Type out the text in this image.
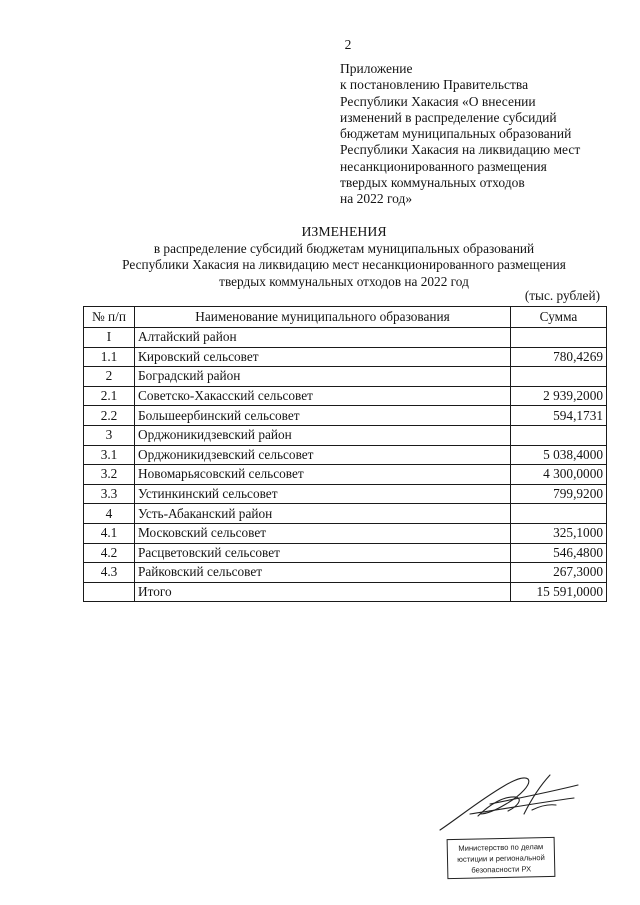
2
Приложение
к постановлению Правительства
Республики Хакасия «О внесении
изменений в распределение субсидий
бюджетам муниципальных образований
Республики Хакасия на ликвидацию мест
несанкционированного размещения
твердых коммунальных отходов
на 2022 год»
ИЗМЕНЕНИЯ
в распределение субсидий бюджетам муниципальных образований
Республики Хакасия на ликвидацию мест несанкционированного размещения
твердых коммунальных отходов на 2022 год
(тыс. рублей)
№ п/п	Наименование муниципального образования	Сумма
I	Алтайский район	
1.1	Кировский сельсовет	780,4269
2	Боградский район	
2.1	Советско-Хакасский сельсовет	2 939,2000
2.2	Большеербинский сельсовет	594,1731
3	Орджоникидзевский район	
3.1	Орджоникидзевский сельсовет	5 038,4000
3.2	Новомарьясовский сельсовет	4 300,0000
3.3	Устинкинский сельсовет	799,9200
4	Усть-Абаканский район	
4.1	Московский сельсовет	325,1000
4.2	Расцветовский сельсовет	546,4800
4.3	Райковский сельсовет	267,3000
	Итого	15 591,0000
Министерство по делам
юстиции и региональной
безопасности РХ
